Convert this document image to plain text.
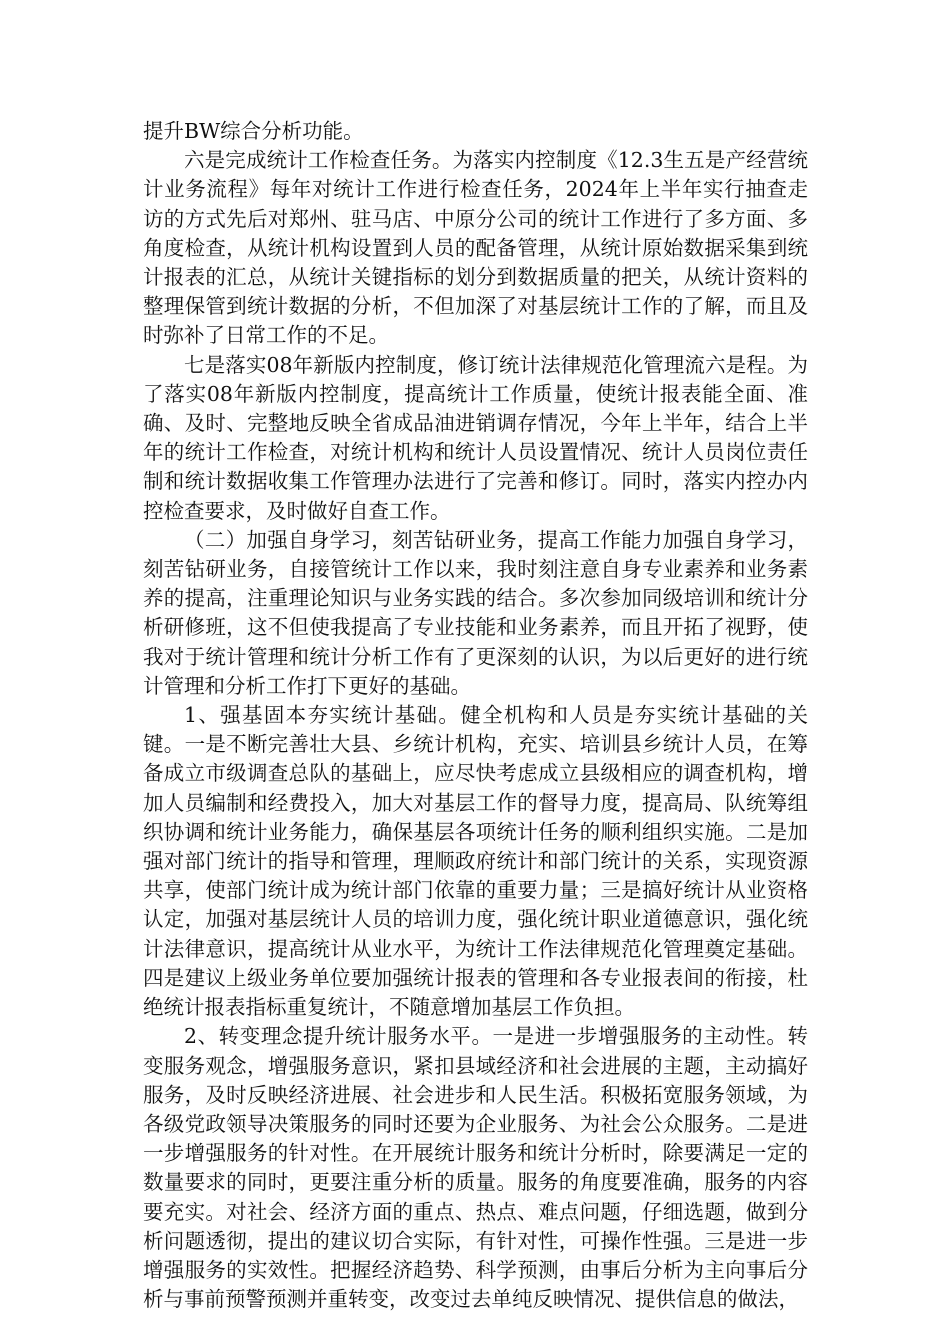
提升BW综合分析功能。

六是完成统计工作检查任务。为落实内控制度《12.3生五是产经营统计业务流程》每年对统计工作进行检查任务，2024年上半年实行抽查走访的方式先后对郑州、驻马店、中原分公司的统计工作进行了多方面、多角度检查，从统计机构设置到人员的配备管理，从统计原始数据采集到统计报表的汇总，从统计关键指标的划分到数据质量的把关，从统计资料的整理保管到统计数据的分析，不但加深了对基层统计工作的了解，而且及时弥补了日常工作的不足。

七是落实08年新版内控制度，修订统计法律规范化管理流六是程。为了落实08年新版内控制度，提高统计工作质量，使统计报表能全面、准确、及时、完整地反映全省成品油进销调存情况，今年上半年，结合上半年的统计工作检查，对统计机构和统计人员设置情况、统计人员岗位责任制和统计数据收集工作管理办法进行了完善和修订。同时，落实内控办内控检查要求，及时做好自查工作。

（二）加强自身学习，刻苦钻研业务，提高工作能力加强自身学习，刻苦钻研业务，自接管统计工作以来，我时刻注意自身专业素养和业务素养的提高，注重理论知识与业务实践的结合。多次参加同级培训和统计分析研修班，这不但使我提高了专业技能和业务素养，而且开拓了视野，使我对于统计管理和统计分析工作有了更深刻的认识，为以后更好的进行统计管理和分析工作打下更好的基础。

1、强基固本夯实统计基础。健全机构和人员是夯实统计基础的关键。一是不断完善壮大县、乡统计机构，充实、培训县乡统计人员，在筹备成立市级调查总队的基础上，应尽快考虑成立县级相应的调查机构，增加人员编制和经费投入，加大对基层工作的督导力度，提高局、队统筹组织协调和统计业务能力，确保基层各项统计任务的顺利组织实施。二是加强对部门统计的指导和管理，理顺政府统计和部门统计的关系，实现资源共享，使部门统计成为统计部门依靠的重要力量；三是搞好统计从业资格认定，加强对基层统计人员的培训力度，强化统计职业道德意识，强化统计法律意识，提高统计从业水平，为统计工作法律规范化管理奠定基础。四是建议上级业务单位要加强统计报表的管理和各专业报表间的衔接，杜绝统计报表指标重复统计，不随意增加基层工作负担。

2、转变理念提升统计服务水平。一是进一步增强服务的主动性。转变服务观念，增强服务意识，紧扣县域经济和社会进展的主题，主动搞好服务，及时反映经济进展、社会进步和人民生活。积极拓宽服务领域，为各级党政领导决策服务的同时还要为企业服务、为社会公众服务。二是进一步增强服务的针对性。在开展统计服务和统计分析时，除要满足一定的数量要求的同时，更要注重分析的质量。服务的角度要准确，服务的内容要充实。对社会、经济方面的重点、热点、难点问题，仔细选题，做到分析问题透彻，提出的建议切合实际，有针对性，可操作性强。三是进一步增强服务的实效性。把握经济趋势、科学预测，由事后分析为主向事后分析与事前预警预测并重转变，改变过去单纯反映情况、提供信息的做法，
